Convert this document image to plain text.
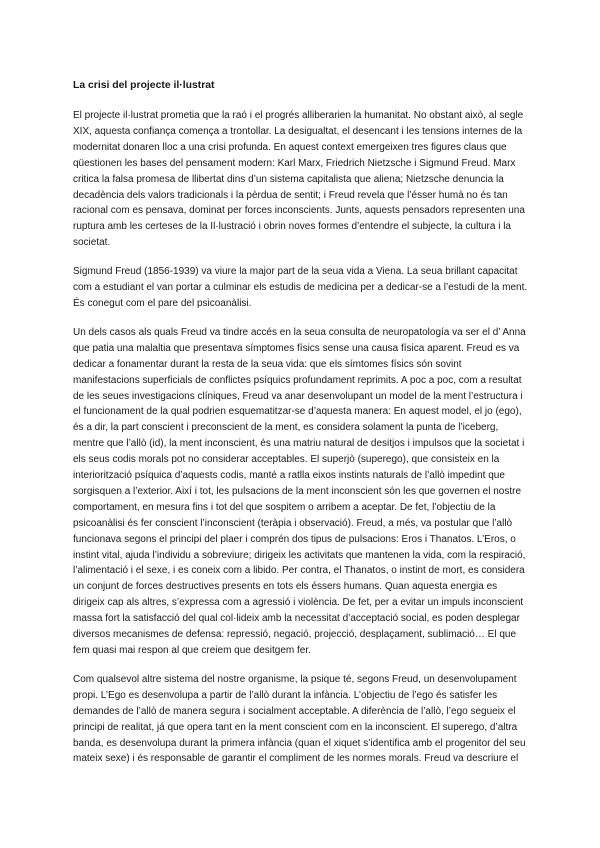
La crisi del projecte il·lustrat

El projecte il·lustrat prometia que la raó i el progrés alliberarien la humanitat. No obstant això, al segle XIX, aquesta confiança comença a trontollar. La desigualtat, el desencant i les tensions internes de la modernitat donaren lloc a una crisi profunda. En aquest context emergeixen tres figures claus que qüestionen les bases del pensament modern: Karl Marx, Friedrich Nietzsche i Sigmund Freud. Marx critica la falsa promesa de llibertat dins d’un sistema capitalista que aliena; Nietzsche denuncia la decadència dels valors tradicionals i la pèrdua de sentit; i Freud revela que l’ésser humà no és tan racional com es pensava, dominat per forces inconscients. Junts, aquests pensadors representen una ruptura amb les certeses de la Il·lustració i obrin noves formes d’entendre el subjecte, la cultura i la societat.

Sigmund Freud (1856-1939) va viure la major part de la seua vida a Viena. La seua brillant capacitat com a estudiant el van portar a culminar els estudis de medicina per a dedicar-se a l’estudi de la ment. És conegut com el pare del psicoanàlisi.

Un dels casos als quals Freud va tindre accés en la seua consulta de neuropatología va ser el d’ Anna que patia una malaltia que presentava símptomes físics sense una causa física aparent. Freud es va dedicar a fonamentar durant la resta de la seua vida: que els símtomes físics són sovint manifestacions superficials de conflictes psíquics profundament reprimits. A poc a poc, com a resultat de les seues investigacions clíniques, Freud va anar desenvolupant un model de la ment l’estructura i el funcionament de la qual podrien esquematitzar-se d’aquesta manera: En aquest model, el jo (ego), és a dir, la part conscient i preconscient de la ment, es considera solament la punta de l’iceberg, mentre que l’allò (id), la ment inconscient, és una matriu natural de desitjos i impulsos que la societat i els seus codis morals pot no considerar acceptables. El superjò (superego), que consisteix en la interiorització psíquica d’aquests codis, manté a ratlla eixos instints naturals de l’allò impedint que sorgisquen a l’exterior. Així i tot, les pulsacions de la ment inconscient són les que governen el nostre comportament, en mesura fins i tot del que sospitem o arribem a aceptar. De fet, l’objectiu de la psicoanàlisi és fer conscient l’inconscient (teràpia i observació). Freud, a més, va postular que l’allò funcionava segons el principi del plaer i comprén dos tipus de pulsacions: Eros i Thanatos. L’Eros, o instint vital, ajuda l’individu a sobreviure; dirigeix les activitats que mantenen la vida, com la respiració, l’alimentació i el sexe, i es coneix com a libido. Per contra, el Thanatos, o instint de mort, es considera un conjunt de forces destructives presents en tots els éssers humans. Quan aquesta energia es dirigeix cap als altres, s’expressa com a agressió i violència. De fet, per a evitar un impuls inconscient massa fort la satisfacció del qual col·lideix amb la necessitat d’acceptació social, es poden desplegar diversos mecanismes de defensa: repressió, negació, projecció, desplaçament, sublimació… El que fem quasi mai respon al que creiem que desitgem fer.

Com qualsevol altre sistema del nostre organisme, la psique té, segons Freud, un desenvolupament propi. L’Ego es desenvolupa a partir de l’allò durant la infància. L’objectiu de l’ego és satisfer les demandes de l’allò de manera segura i socialment acceptable. A diferència de l’allò, l’ego segueix el principi de realitat, já que opera tant en la ment conscient com en la inconscient. El superego, d’altra banda, es desenvolupa durant la primera infància (quan el xiquet s’identifica amb el progenitor del seu mateix sexe) i és responsable de garantir el compliment de les normes morals. Freud va descriure el
